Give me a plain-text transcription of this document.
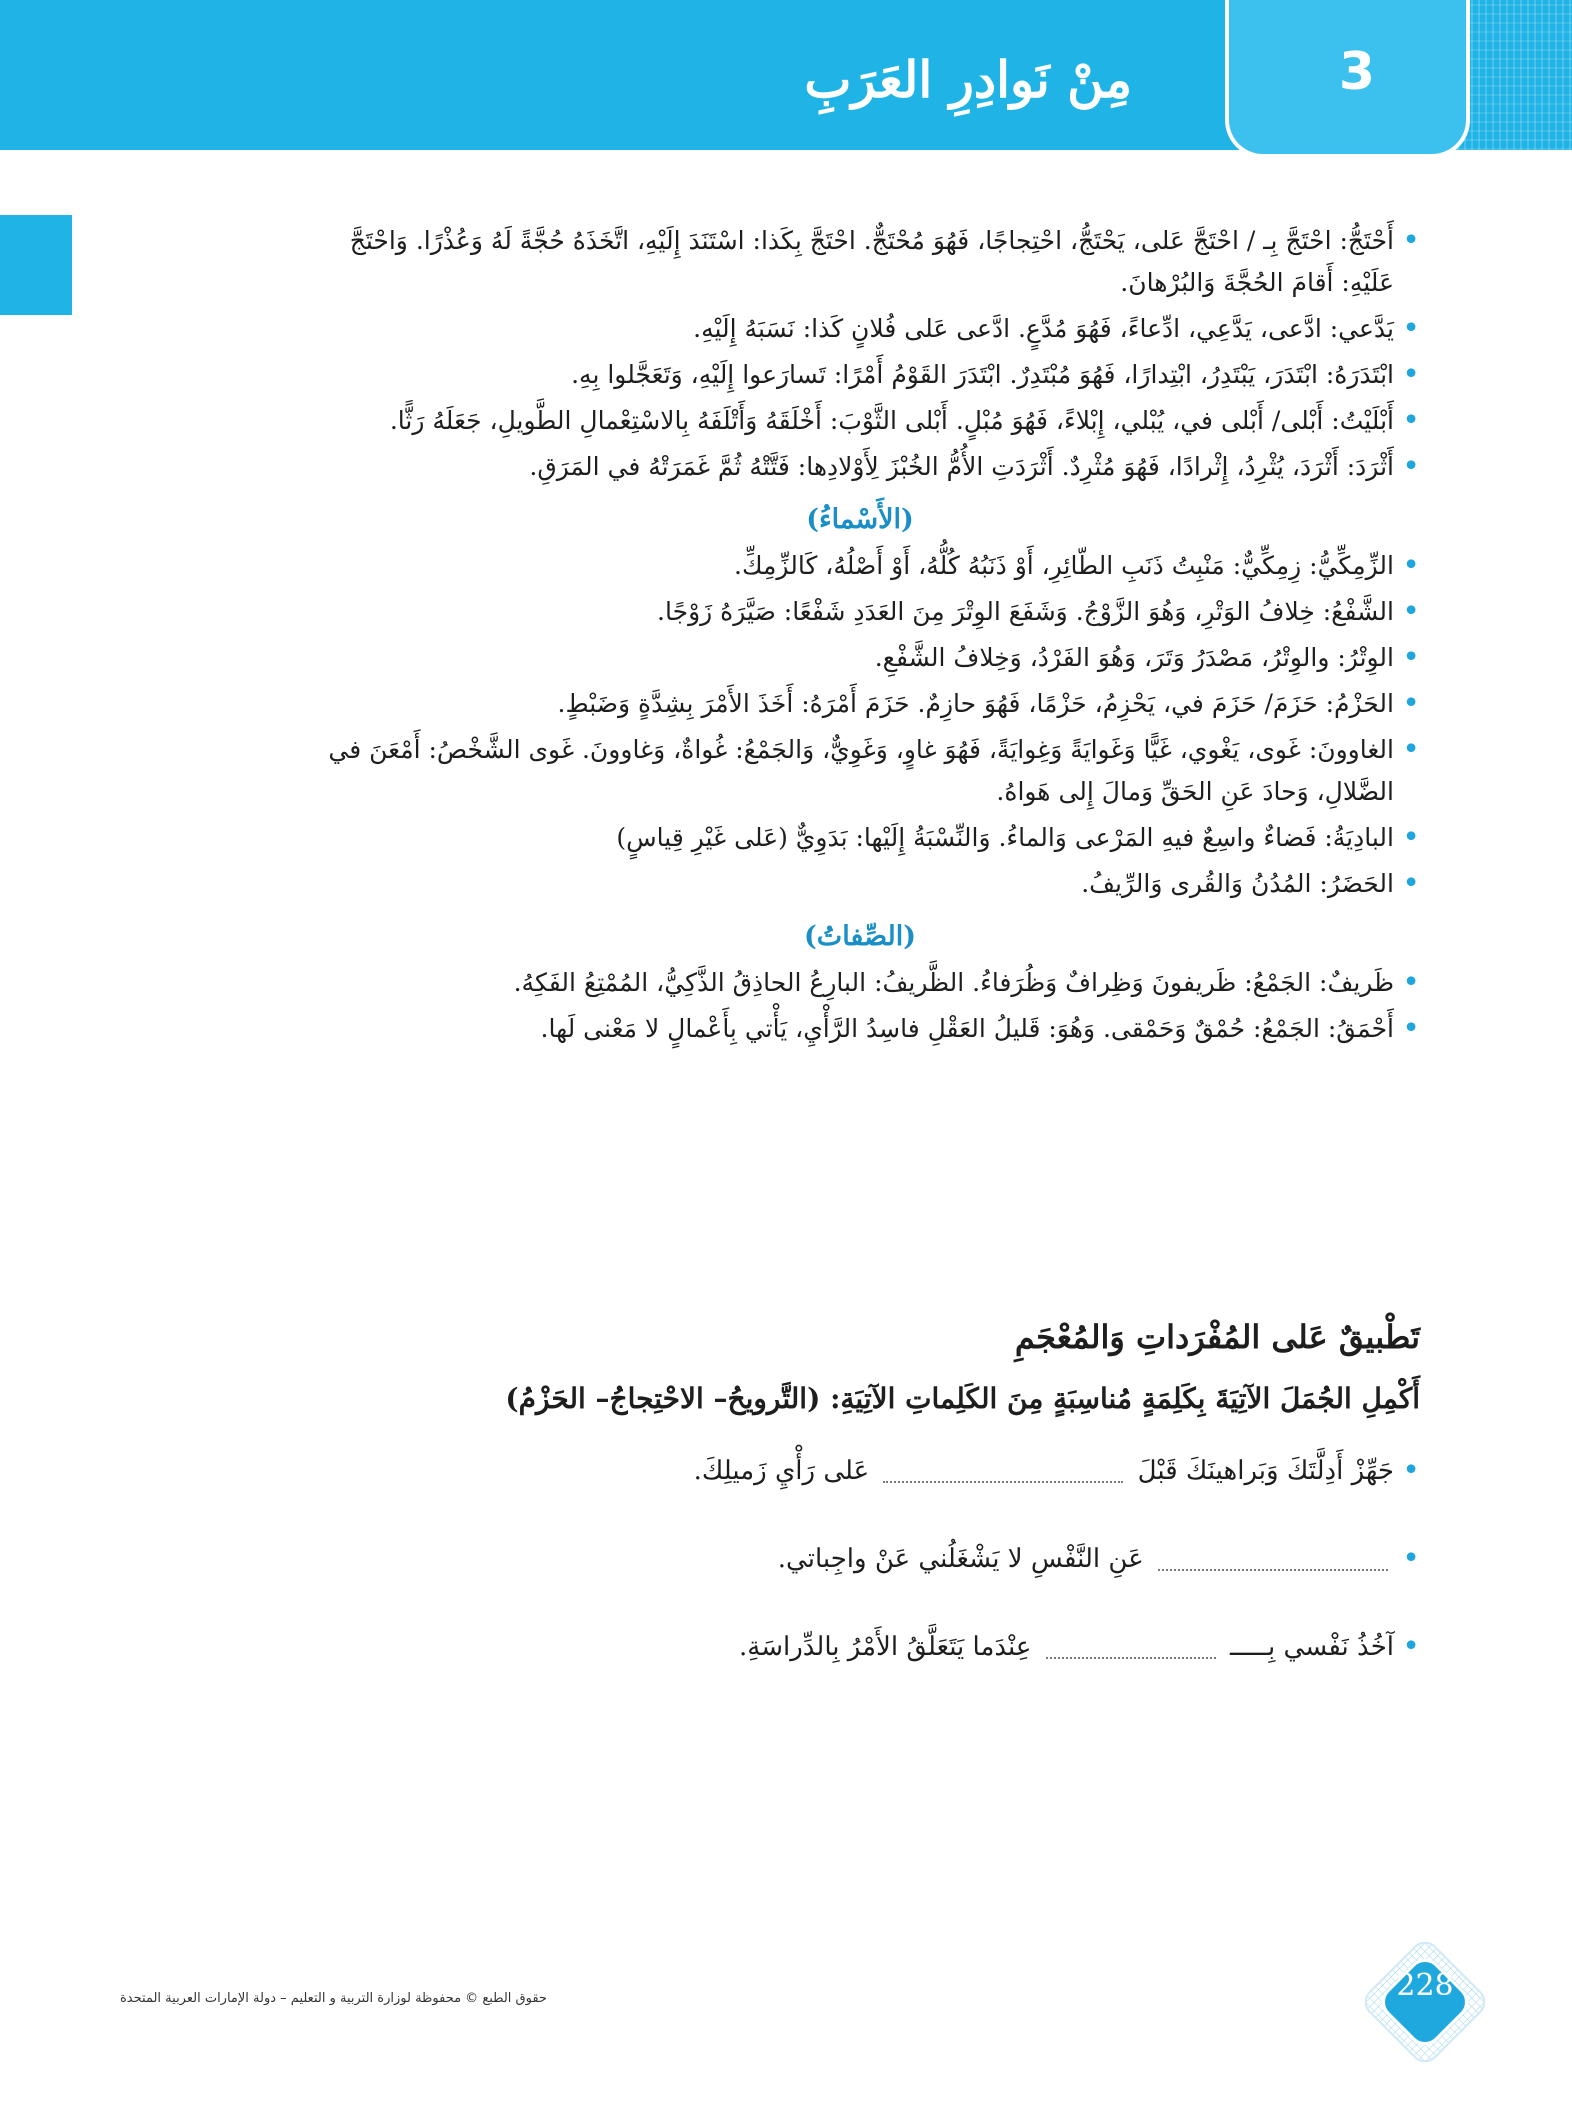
3
مِنْ نَوادِرِ العَرَبِ
• أَحْتَجُّ: احْتَجَّ بِـ / احْتَجَّ عَلى، يَحْتَجُّ، احْتِجاجًا، فَهُوَ مُحْتَجٌّ. احْتَجَّ بِكَذا: اسْتَنَدَ إِلَيْهِ، اتَّخَذَهُ حُجَّةً لَهُ وَعُذْرًا. وَاحْتَجَّ عَلَيْهِ: أَقامَ الحُجَّةَ وَالبُرْهانَ.
• يَدَّعي: ادَّعى، يَدَّعِي، ادِّعاءً، فَهُوَ مُدَّعٍ. ادَّعى عَلى فُلانٍ كَذا: نَسَبَهُ إِلَيْهِ.
• ابْتَدَرَهُ: ابْتَدَرَ، يَبْتَدِرُ، ابْتِدارًا، فَهُوَ مُبْتَدِرٌ. ابْتَدَرَ القَوْمُ أَمْرًا: تَسارَعوا إِلَيْهِ، وَتَعَجَّلوا بِهِ.
• أَبْلَيْتُ: أَبْلى/ أَبْلى في، يُبْلي، إِبْلاءً، فَهُوَ مُبْلٍ. أَبْلى الثَّوْبَ: أَخْلَقَهُ وَأَتْلَفَهُ بِالاسْتِعْمالِ الطَّويلِ، جَعَلَهُ رَثًّا.
• أَثْرَدَ: أَثْرَدَ، يُثْرِدُ، إِثْرادًا، فَهُوَ مُثْرِدٌ. أَثْرَدَتِ الأُمُّ الخُبْزَ لِأَوْلادِها: فَتَّتْهُ ثُمَّ غَمَرَتْهُ في المَرَقِ.
(الأَسْماءُ)
• الزِّمِكِّيُّ: زِمِكِّيٌّ: مَنْبِتُ ذَنَبِ الطّائِرِ، أَوْ ذَنَبُهُ كُلُّهُ، أَوْ أَصْلُهُ، كَالزِّمِكِّ.
• الشَّفْعُ: خِلافُ الوَتْرِ، وَهُوَ الزَّوْجُ. وَشَفَعَ الوِتْرَ مِنَ العَدَدِ شَفْعًا: صَيَّرَهُ زَوْجًا.
• الوِتْرُ: والوِتْرُ، مَصْدَرُ وَتَرَ، وَهُوَ الفَرْدُ، وَخِلافُ الشَّفْعِ.
• الحَزْمُ: حَزَمَ/ حَزَمَ في، يَحْزِمُ، حَزْمًا، فَهُوَ حازِمٌ. حَزَمَ أَمْرَهُ: أَخَذَ الأَمْرَ بِشِدَّةٍ وَضَبْطٍ.
• الغاوونَ: غَوى، يَغْوي، غَيًّا وَغَوايَةً وَغِوايَةً، فَهُوَ غاوٍ، وَغَوِيٌّ، وَالجَمْعُ: غُواةٌ، وَغاوونَ. غَوى الشَّخْصُ: أَمْعَنَ في الضَّلالِ، وَحادَ عَنِ الحَقِّ وَمالَ إِلى هَواهُ.
• البادِيَةُ: فَضاءٌ واسِعٌ فيهِ المَرْعى وَالماءُ. وَالنِّسْبَةُ إِلَيْها: بَدَوِيٌّ (عَلى غَيْرِ قِياسٍ)
• الحَضَرُ: المُدُنُ وَالقُرى وَالرِّيفُ.
(الصِّفاتُ)
• ظَريفٌ: الجَمْعُ: ظَريفونَ وَظِرافٌ وَظُرَفاءُ. الظَّريفُ: البارِعُ الحاذِقُ الذَّكِيُّ، المُمْتِعُ الفَكِهُ.
• أَحْمَقُ: الجَمْعُ: حُمْقٌ وَحَمْقى. وَهُوَ: قَليلُ العَقْلِ فاسِدُ الرَّأْيِ، يَأْتي بِأَعْمالٍ لا مَعْنى لَها.
تَطْبيقٌ عَلى المُفْرَداتِ وَالمُعْجَمِ
أَكْمِلِ الجُمَلَ الآتِيَةَ بِكَلِمَةٍ مُناسِبَةٍ مِنَ الكَلِماتِ الآتِيَةِ: (التَّرويحُ– الاحْتِجاجُ– الحَزْمُ)
• جَهِّزْ أَدِلَّتَكَ وَبَراهينَكَ قَبْلَ  عَلى رَأْيِ زَميلِكَ.
• عَنِ النَّفْسِ لا يَشْغَلُني عَنْ واجِباتي.
• آخُذُ نَفْسي بِـــــ  عِنْدَما يَتَعَلَّقُ الأَمْرُ بِالدِّراسَةِ.
حقوق الطبع © محفوظة لوزارة التربية و التعليم – دولة الإمارات العربية المتحدة	228
